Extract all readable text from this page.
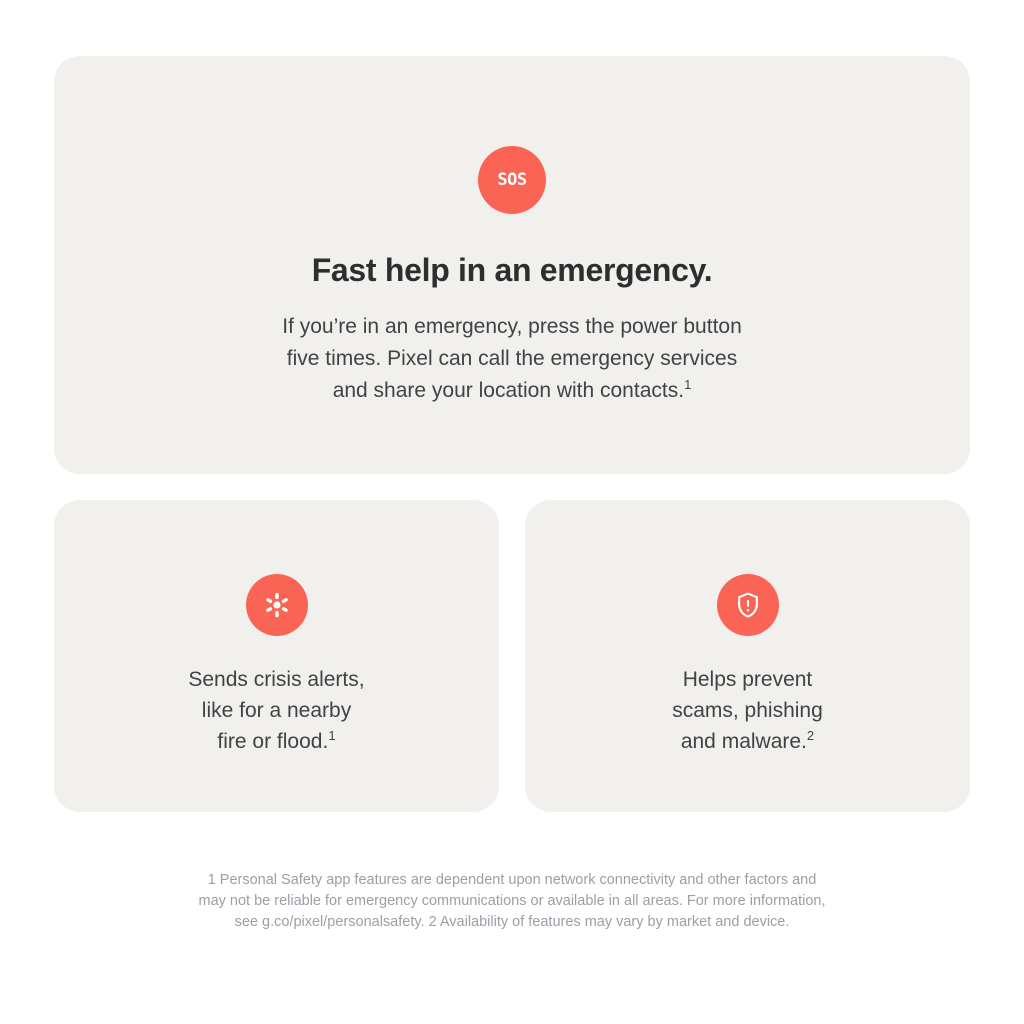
SOS
Fast help in an emergency.

If you’re in an emergency, press the power button
five times. Pixel can call the emergency services
and share your location with contacts.$^1$

Sends crisis alerts,
like for a nearby
fire or flood.$^1$

Helps prevent
scams, phishing
and malware.$^2$

1 Personal Safety app features are dependent upon network connectivity and other factors and
may not be reliable for emergency communications or available in all areas. For more information,
see g.co/pixel/personalsafety. 2 Availability of features may vary by market and device.
